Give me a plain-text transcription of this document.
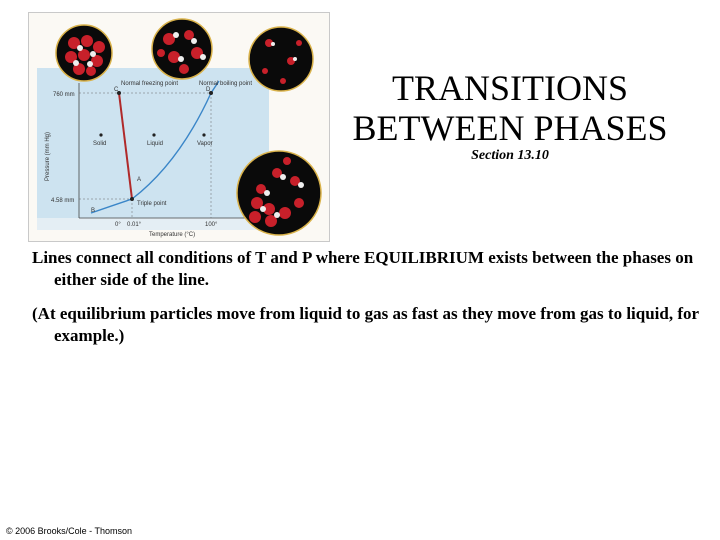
Pressure (mm Hg)
760 mm
4.58 mm
0° 0.01°	100°
Temperature (°C)
Solid	Liquid	Vapor
Triple point
Normal freezing point	Normal boiling point
C	D
A
B
TRANSITIONS
BETWEEN PHASES
Section 13.10
Lines connect all conditions of T and P where EQUILIBRIUM exists between the phases on either side of the line.
(At equilibrium particles move from liquid to gas as fast as they move from gas to liquid, for example.)
© 2006 Brooks/Cole - Thomson
